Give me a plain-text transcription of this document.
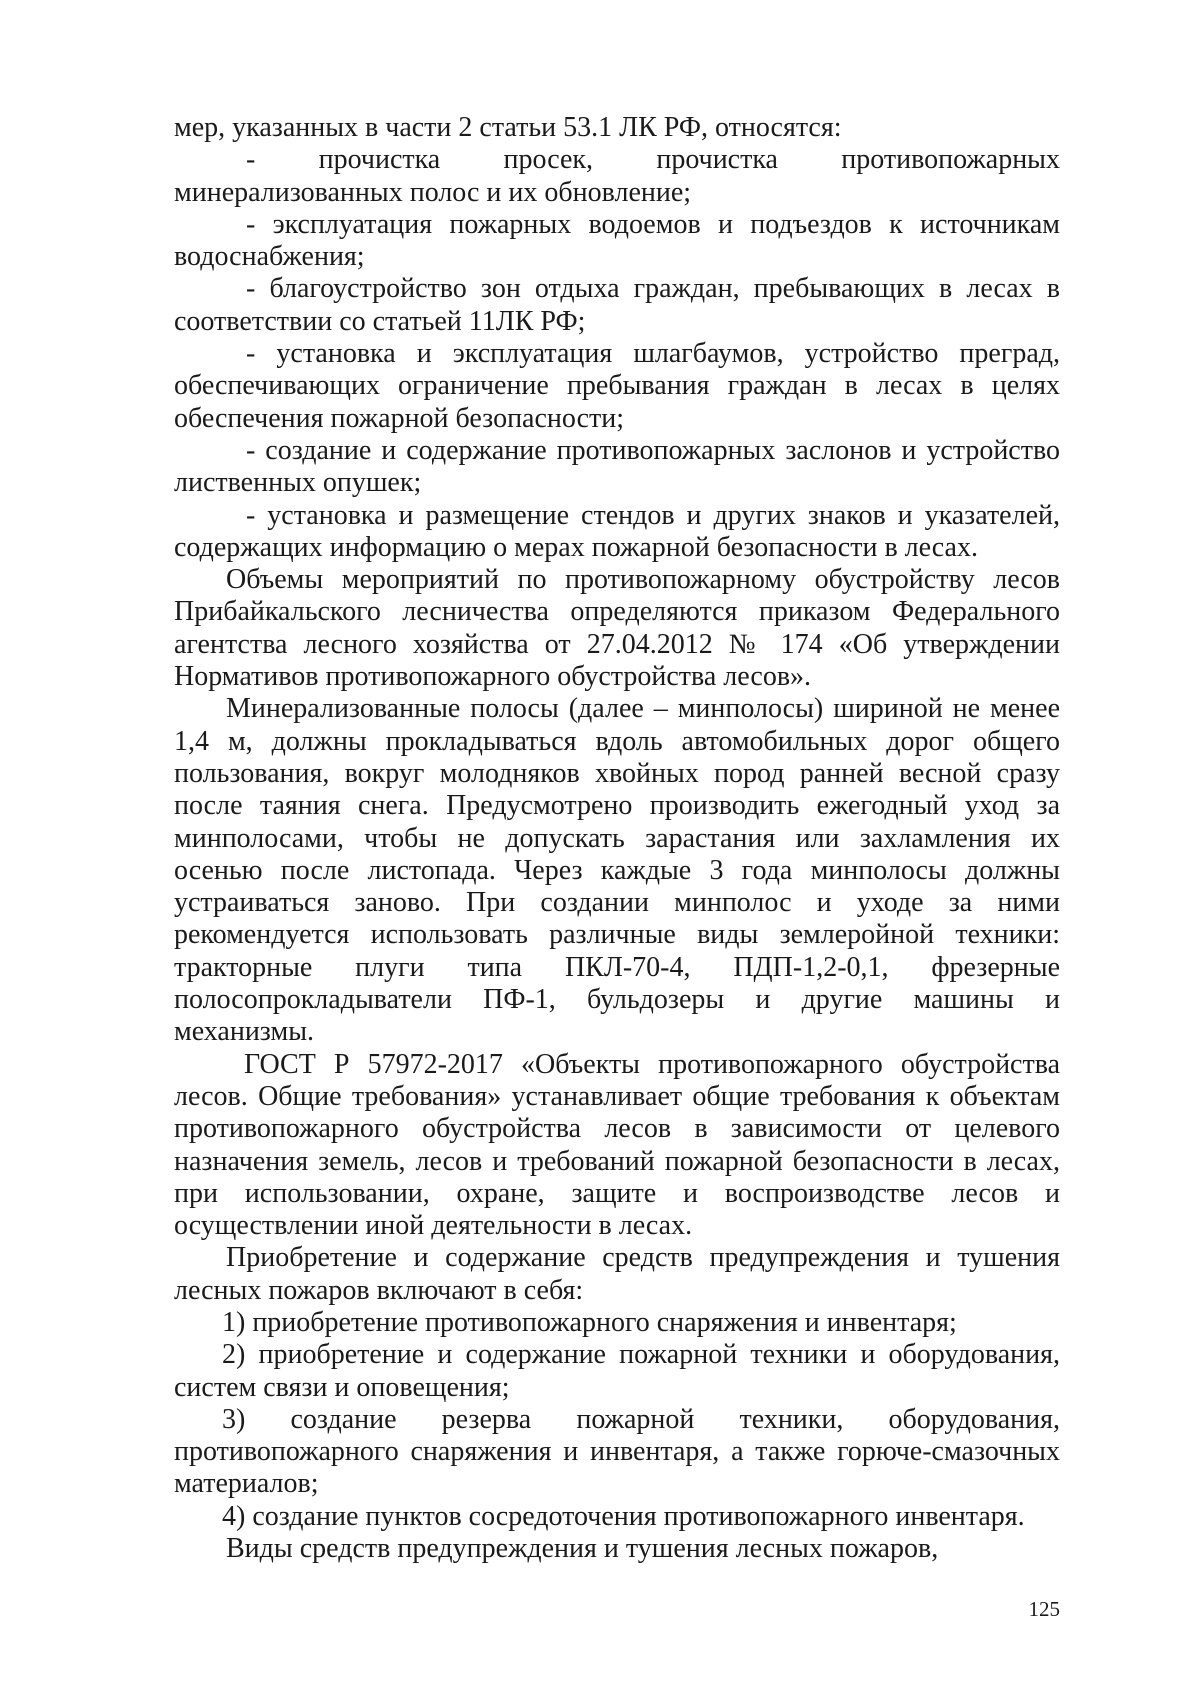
мер, указанных в части 2 статьи 53.1 ЛК РФ, относятся:

- прочистка просек, прочистка противопожарных минерализованных полос и их обновление;

- эксплуатация пожарных водоемов и подъездов к источникам водоснабжения;

- благоустройство зон отдыха граждан, пребывающих в лесах в соответствии со статьей 11ЛК РФ;

- установка и эксплуатация шлагбаумов, устройство преград, обеспечивающих ограничение пребывания граждан в лесах в целях обеспечения пожарной безопасности;

- создание и содержание противопожарных заслонов и устройство лиственных опушек;

- установка и размещение стендов и других знаков и указателей, содержащих информацию о мерах пожарной безопасности в лесах.

Объемы мероприятий по противопожарному обустройству лесов Прибайкальского лесничества определяются приказом Федерального агентства лесного хозяйства от 27.04.2012 № 174 «Об утверждении Нормативов противопожарного обустройства лесов».

Минерализованные полосы (далее – минполосы) шириной не менее 1,4 м, должны прокладываться вдоль автомобильных дорог общего пользования, вокруг молодняков хвойных пород ранней весной сразу после таяния снега. Предусмотрено производить ежегодный уход за минполосами, чтобы не допускать зарастания или захламления их осенью после листопада. Через каждые 3 года минполосы должны устраиваться заново. При создании минполос и уходе за ними рекомендуется использовать различные виды землеройной техники: тракторные плуги типа ПКЛ-70-4, ПДП-1,2-0,1, фрезерные полосопрокладыватели ПФ-1, бульдозеры и другие машины и механизмы.

ГОСТ Р 57972-2017 «Объекты противопожарного обустройства лесов. Общие требования» устанавливает общие требования к объектам противопожарного обустройства лесов в зависимости от целевого назначения земель, лесов и требований пожарной безопасности в лесах, при использовании, охране, защите и воспроизводстве лесов и осуществлении иной деятельности в лесах.

Приобретение и содержание средств предупреждения и тушения лесных пожаров включают в себя:

1) приобретение противопожарного снаряжения и инвентаря;

2) приобретение и содержание пожарной техники и оборудования, систем связи и оповещения;

3) создание резерва пожарной техники, оборудования, противопожарного снаряжения и инвентаря, а также горюче-смазочных материалов;

4) создание пунктов сосредоточения противопожарного инвентаря.

Виды средств предупреждения и тушения лесных пожаров,

125
